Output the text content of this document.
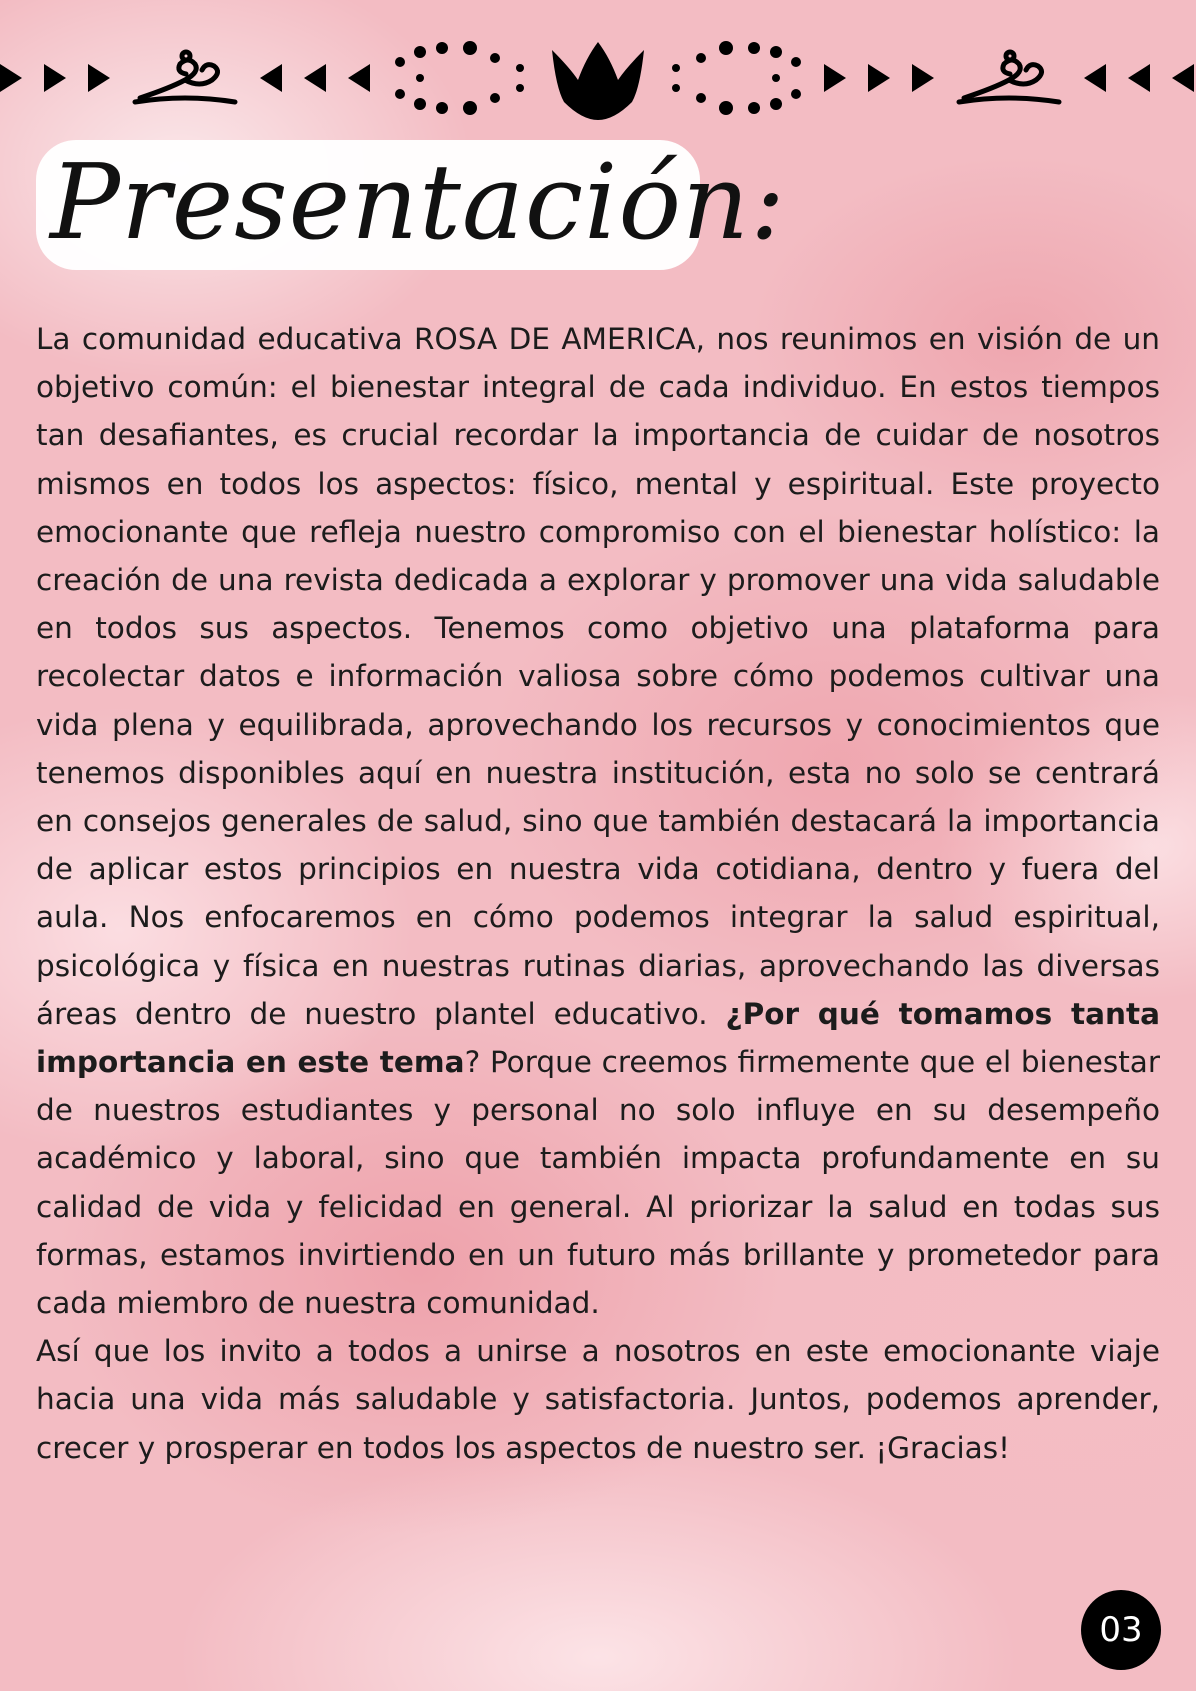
Presentación:

La comunidad educativa ROSA DE AMERICA, nos reunimos en visión de un objetivo común: el bienestar integral de cada individuo. En estos tiempos tan desafiantes, es crucial recordar la importancia de cuidar de nosotros mismos en todos los aspectos: físico, mental y espiritual. Este proyecto emocionante que refleja nuestro compromiso con el bienestar holístico: la creación de una revista dedicada a explorar y promover una vida saludable en todos sus aspectos. Tenemos como objetivo una plataforma para recolectar datos e información valiosa sobre cómo podemos cultivar una vida plena y equilibrada, aprovechando los recursos y conocimientos que tenemos disponibles aquí en nuestra institución, esta no solo se centrará en consejos generales de salud, sino que también destacará la importancia de aplicar estos principios en nuestra vida cotidiana, dentro y fuera del aula. Nos enfocaremos en cómo podemos integrar la salud espiritual, psicológica y física en nuestras rutinas diarias, aprovechando las diversas áreas dentro de nuestro plantel educativo. ¿Por qué tomamos tanta importancia en este tema? Porque creemos firmemente que el bienestar de nuestros estudiantes y personal no solo influye en su desempeño académico y laboral, sino que también impacta profundamente en su calidad de vida y felicidad en general. Al priorizar la salud en todas sus formas, estamos invirtiendo en un futuro más brillante y prometedor para cada miembro de nuestra comunidad.

Así que los invito a todos a unirse a nosotros en este emocionante viaje hacia una vida más saludable y satisfactoria. Juntos, podemos aprender, crecer y prosperar en todos los aspectos de nuestro ser. ¡Gracias!

03
